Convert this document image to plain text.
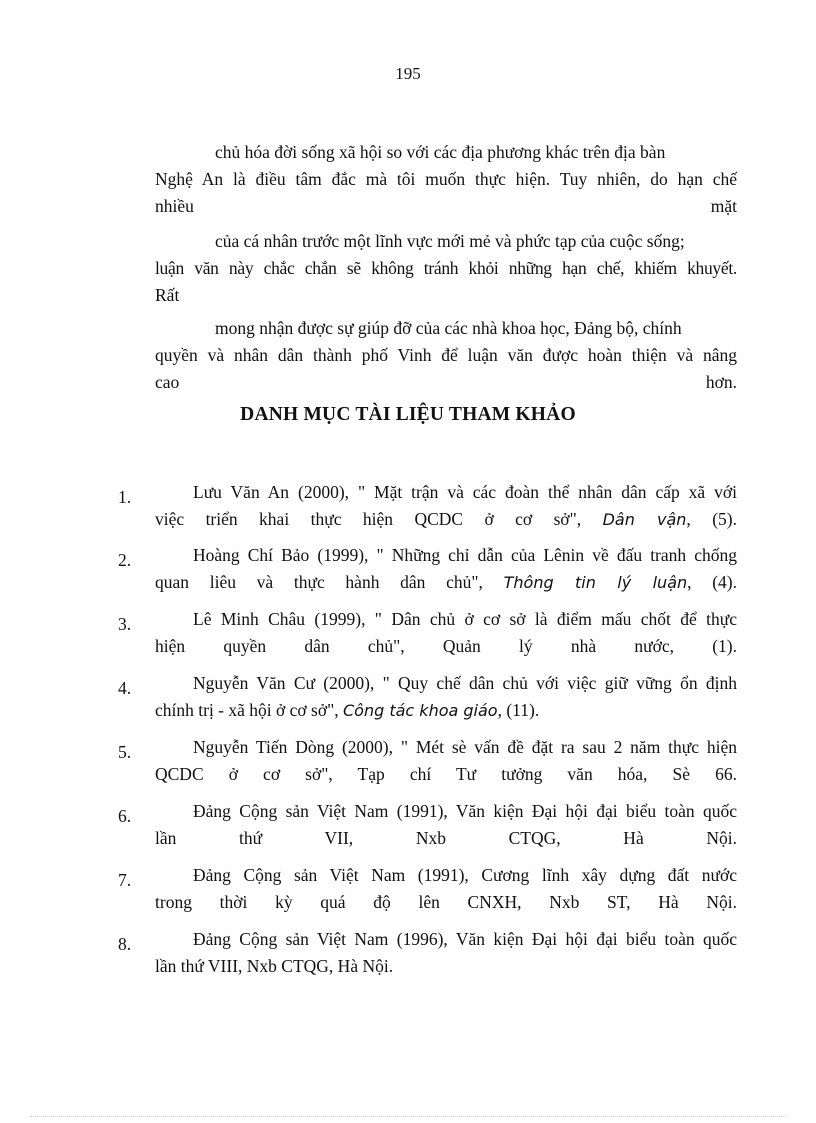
195
chủ hóa đời sống xã hội so với các địa phương khác trên địa bàn
Nghệ An là điều tâm đắc mà tôi muốn thực hiện. Tuy nhiên, do hạn chế
nhiều	mặt
của cá nhân trước một lĩnh vực mới mẻ và phức tạp của cuộc sống;
luận văn này chắc chắn sẽ không tránh khỏi những hạn chế, khiếm khuyết.
Rất
mong nhận được sự giúp đỡ của các nhà khoa học, Đảng bộ, chính
quyền và nhân dân thành phố Vinh để luận văn được hoàn thiện và nâng
cao	hơn.
DANH MỤC TÀI LIỆU THAM KHẢO
1.	Lưu Văn An (2000), " Mặt trận và các đoàn thể nhân dân cấp xã với
việc triển khai thực hiện QCDC ở cơ sở", Dân vận, (5).
2.	Hoàng Chí Bảo (1999), " Những chỉ dẫn của Lênin về đấu tranh chống
quan liêu và thực hành dân chủ", Thông tin lý luận, (4).
3.	Lê Minh Châu (1999), " Dân chủ ở cơ sở là điểm mấu chốt để thực
hiện quyền dân chủ", Quản lý nhà nước, (1).
4.	Nguyễn Văn Cư (2000), " Quy chế dân chủ với việc giữ vững ổn định
chính trị - xã hội ở cơ sở", Công tác khoa giáo, (11).
5.	Nguyễn Tiến Dòng (2000), " Mét sè vấn đề đặt ra sau 2 năm thực hiện
QCDC ở cơ sở", Tạp chí Tư tưởng văn hóa, Sè 66.
6.	Đảng Cộng sản Việt Nam (1991), Văn kiện Đại hội đại biểu toàn quốc
lần thứ VII, Nxb CTQG, Hà Nội.
7.	Đảng Cộng sản Việt Nam (1991), Cương lĩnh xây dựng đất nước
trong thời kỳ quá độ lên CNXH, Nxb ST, Hà Nội.
8.	Đảng Cộng sản Việt Nam (1996), Văn kiện Đại hội đại biểu toàn quốc
lần thứ VIII, Nxb CTQG, Hà Nội.
